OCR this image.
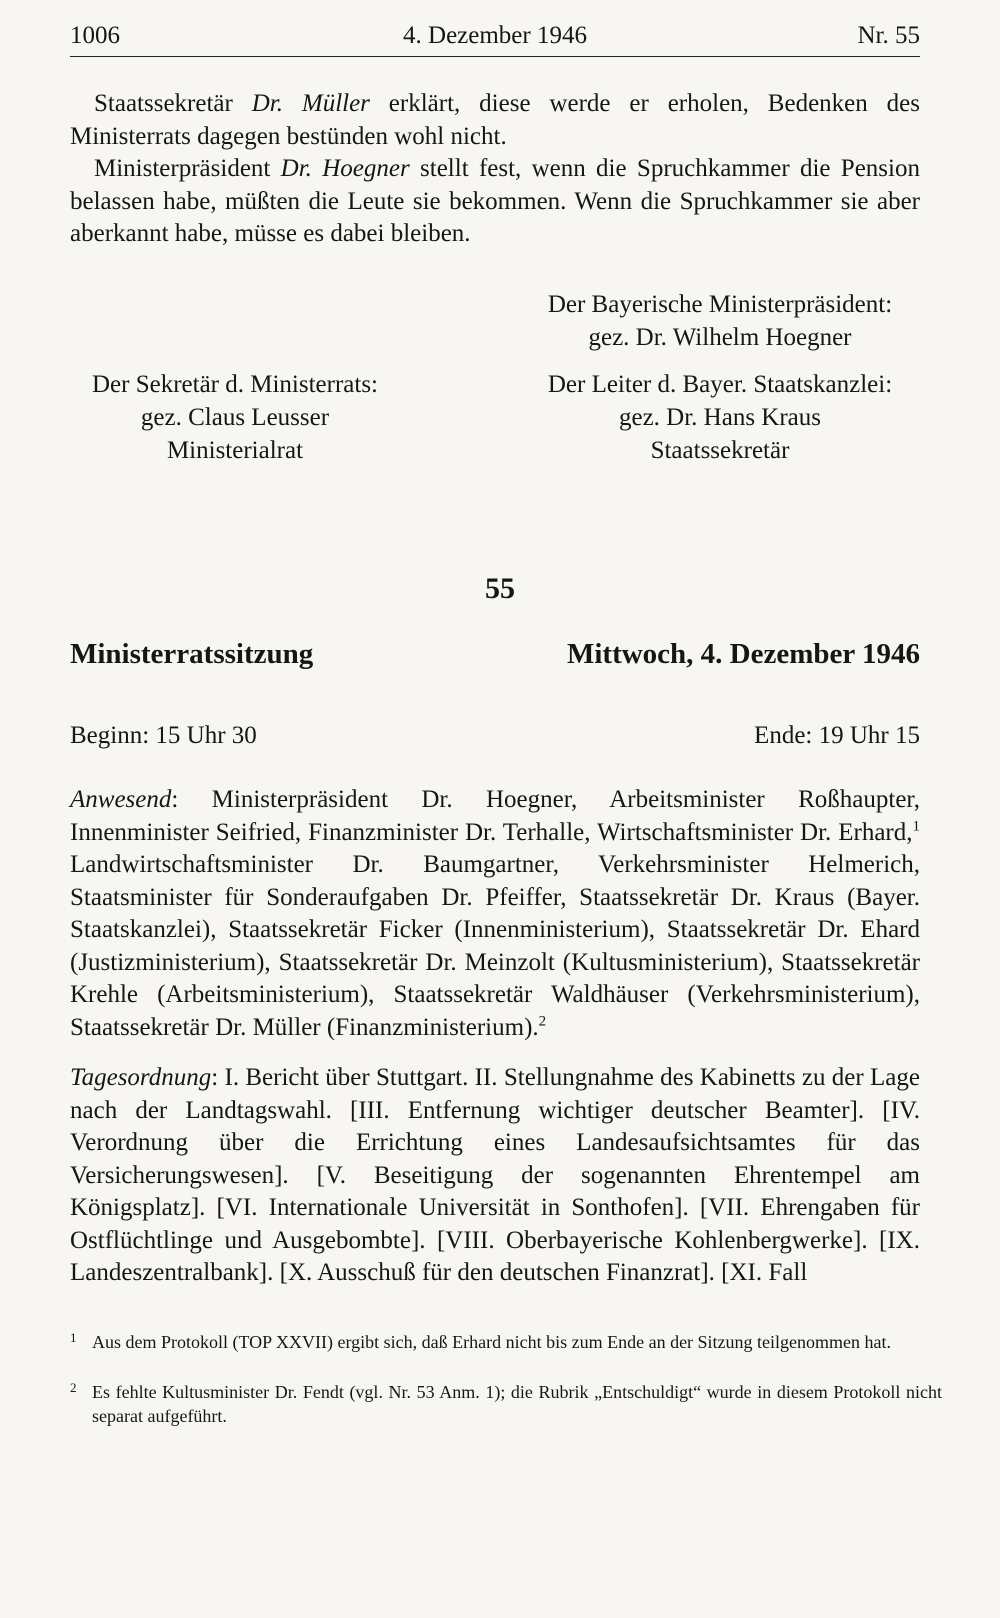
1006	4. Dezember 1946	Nr. 55

Staatssekretär Dr. Müller erklärt, diese werde er erholen, Bedenken des Ministerrats dagegen bestünden wohl nicht.

Ministerpräsident Dr. Hoegner stellt fest, wenn die Spruchkammer die Pension belassen habe, müßten die Leute sie bekommen. Wenn die Spruchkammer sie aber aberkannt habe, müsse es dabei bleiben.

Der Bayerische Ministerpräsident:
gez. Dr. Wilhelm Hoegner
Der Sekretär d. Ministerrats:
gez. Claus Leusser
Ministerialrat
Der Leiter d. Bayer. Staatskanzlei:
gez. Dr. Hans Kraus
Staatssekretär
55
Ministerratssitzung	Mittwoch, 4. Dezember 1946
Beginn: 15 Uhr 30	Ende: 19 Uhr 15

Anwesend: Ministerpräsident Dr. Hoegner, Arbeitsminister Roßhaupter, Innenminister Seifried, Finanzminister Dr. Terhalle, Wirtschaftsminister Dr. Erhard,$^1$ Landwirtschaftsminister Dr. Baumgartner, Verkehrsminister Helmerich, Staatsminister für Sonderaufgaben Dr. Pfeiffer, Staatssekretär Dr. Kraus (Bayer. Staatskanzlei), Staatssekretär Ficker (Innenministerium), Staatssekretär Dr. Ehard (Justizministerium), Staatssekretär Dr. Meinzolt (Kultusministerium), Staatssekretär Krehle (Arbeitsministerium), Staatssekretär Waldhäuser (Verkehrsministerium), Staatssekretär Dr. Müller (Finanzministerium).$^2$

Tagesordnung: I. Bericht über Stuttgart. II. Stellungnahme des Kabinetts zu der Lage nach der Landtagswahl. [III. Entfernung wichtiger deutscher Beamter]. [IV. Verordnung über die Errichtung eines Landesaufsichtsamtes für das Versicherungswesen]. [V. Beseitigung der sogenannten Ehrentempel am Königsplatz]. [VI. Internationale Universität in Sonthofen]. [VII. Ehrengaben für Ostflüchtlinge und Ausgebombte]. [VIII. Oberbayerische Kohlenbergwerke]. [IX. Landeszentralbank]. [X. Ausschuß für den deutschen Finanzrat]. [XI. Fall

1 Aus dem Protokoll (TOP XXVII) ergibt sich, daß Erhard nicht bis zum Ende an der Sitzung teilgenommen hat.
2 Es fehlte Kultusminister Dr. Fendt (vgl. Nr. 53 Anm. 1); die Rubrik „Entschuldigt“ wurde in diesem Protokoll nicht separat aufgeführt.
